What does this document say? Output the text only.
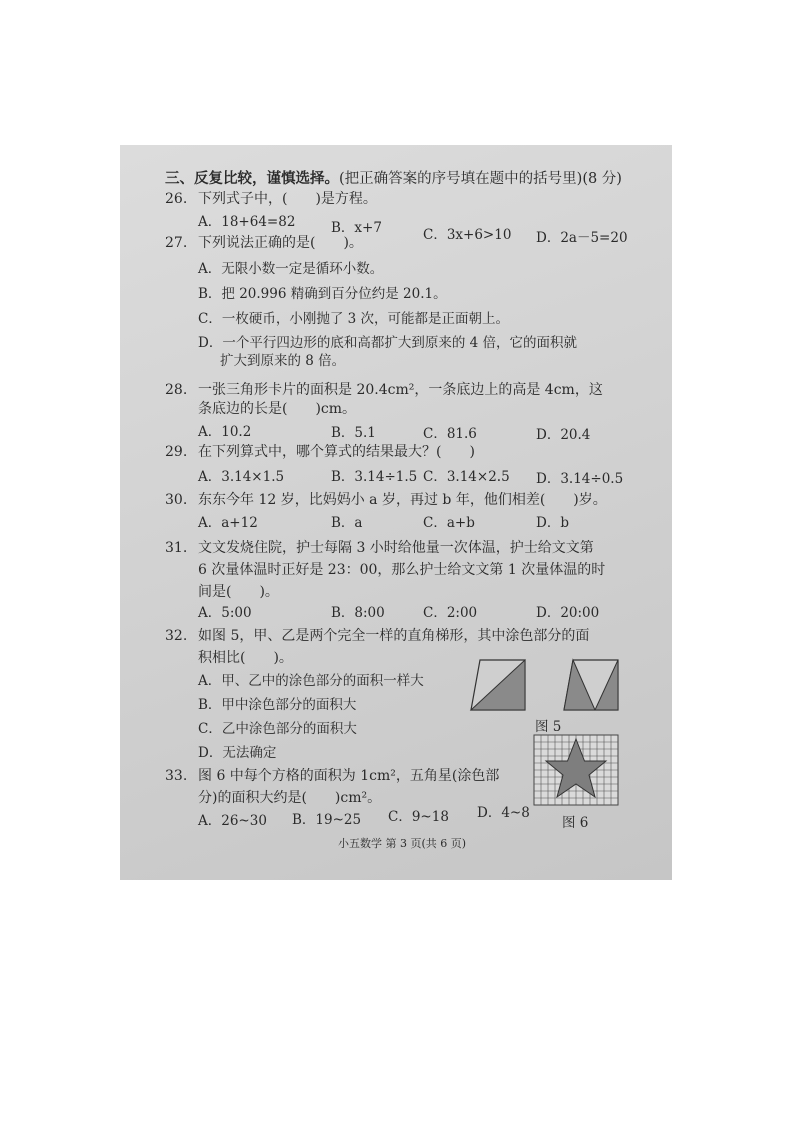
三、反复比较，谨慎选择。(把正确答案的序号填在题中的括号里)(8 分)
26. 下列式子中，(　　)是方程。
A．18+64=82	B．x+7	C．3x+6>10 D．2a－5=20
27. 下列说法正确的是(　　)。
A．无限小数一定是循环小数。
B．把 20.996 精确到百分位约是 20.1。
C．一枚硬币，小刚抛了 3 次，可能都是正面朝上。
D．一个平行四边形的底和高都扩大到原来的 4 倍，它的面积就
扩大到原来的 8 倍。
28. 一张三角形卡片的面积是 20.4cm²，一条底边上的高是 4cm，这
条底边的长是(　　)cm。
A．10.2	B．5.1	C．81.6	D．20.4
29. 在下列算式中，哪个算式的结果最大？(　　)
A．3.14×1.5	B．3.14÷1.5 C．3.14×2.5 D．3.14÷0.5
30. 东东今年 12 岁，比妈妈小 a 岁，再过 b 年，他们相差(　　)岁。
A．a+12	B．a	C．a+b	D．b
31. 文文发烧住院，护士每隔 3 小时给他量一次体温，护士给文文第
6 次量体温时正好是 23：00，那么护士给文文第 1 次量体温的时
间是(　　)。
A．5:00	B．8:00	C．2:00	D．20:00
32. 如图 5，甲、乙是两个完全一样的直角梯形，其中涂色部分的面
积相比(　　)。
A．甲、乙中的涂色部分的面积一样大
B．甲中涂色部分的面积大
C．乙中涂色部分的面积大
D．无法确定
图 5
33. 图 6 中每个方格的面积为 1cm²，五角星(涂色部
分)的面积大约是(　　)cm²。
A．26~30 B．19~25 C．9~18 D．4~8
图 6
小五数学 第 3 页(共 6 页)
